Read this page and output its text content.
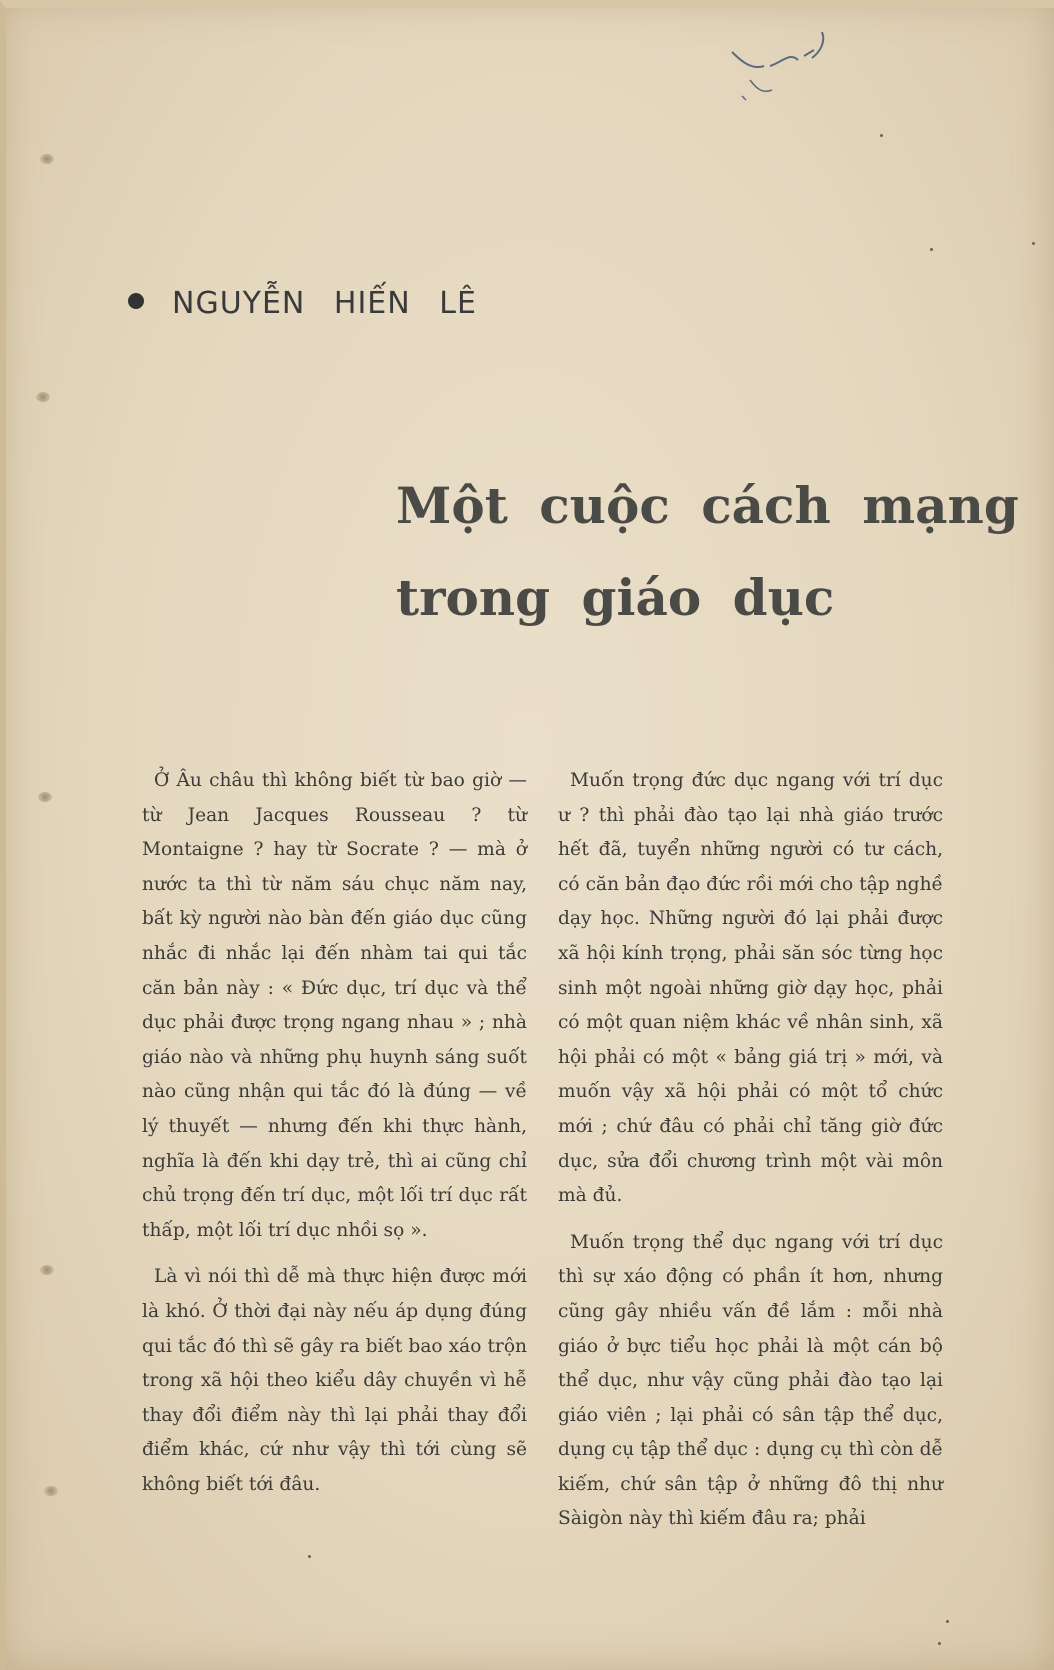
NGUYỄN HIẾN LÊ
Một cuộc cách mạng
trong giáo dục

Ở Âu châu thì không biết từ bao giờ — từ Jean Jacques Rousseau ? từ Montaigne ? hay từ Socrate ? — mà ở nước ta thì từ năm sáu chục năm nay, bất kỳ người nào bàn đến giáo dục cũng nhắc đi nhắc lại đến nhàm tai qui tắc căn bản này : « Đức dục, trí dục và thể dục phải được trọng ngang nhau » ; nhà giáo nào và những phụ huynh sáng suốt nào cũng nhận qui tắc đó là đúng — về lý thuyết — nhưng đến khi thực hành, nghĩa là đến khi dạy trẻ, thì ai cũng chỉ chủ trọng đến trí dục, một lối trí dục rất thấp, một lối trí dục nhồi sọ ».

Là vì nói thì dễ mà thực hiện được mới là khó. Ở thời đại này nếu áp dụng đúng qui tắc đó thì sẽ gây ra biết bao xáo trộn trong xã hội theo kiểu dây chuyền vì hễ thay đổi điểm này thì lại phải thay đổi điểm khác, cứ như vậy thì tới cùng sẽ không biết tới đâu.

Muốn trọng đức dục ngang với trí dục ư ? thì phải đào tạo lại nhà giáo trước hết đã, tuyển những người có tư cách, có căn bản đạo đức rồi mới cho tập nghề dạy học. Những người đó lại phải được xã hội kính trọng, phải săn sóc từng học sinh một ngoài những giờ dạy học, phải có một quan niệm khác về nhân sinh, xã hội phải có một « bảng giá trị » mới, và muốn vậy xã hội phải có một tổ chức mới ; chứ đâu có phải chỉ tăng giờ đức dục, sửa đổi chương trình một vài môn mà đủ.

Muốn trọng thể dục ngang với trí dục thì sự xáo động có phần ít hơn, nhưng cũng gây nhiều vấn đề lắm : mỗi nhà giáo ở bực tiểu học phải là một cán bộ thể dục, như vậy cũng phải đào tạo lại giáo viên ; lại phải có sân tập thể dục, dụng cụ tập thể dục : dụng cụ thì còn dễ kiếm, chứ sân tập ở những đô thị như Sàigòn này thì kiếm đâu ra; phải
